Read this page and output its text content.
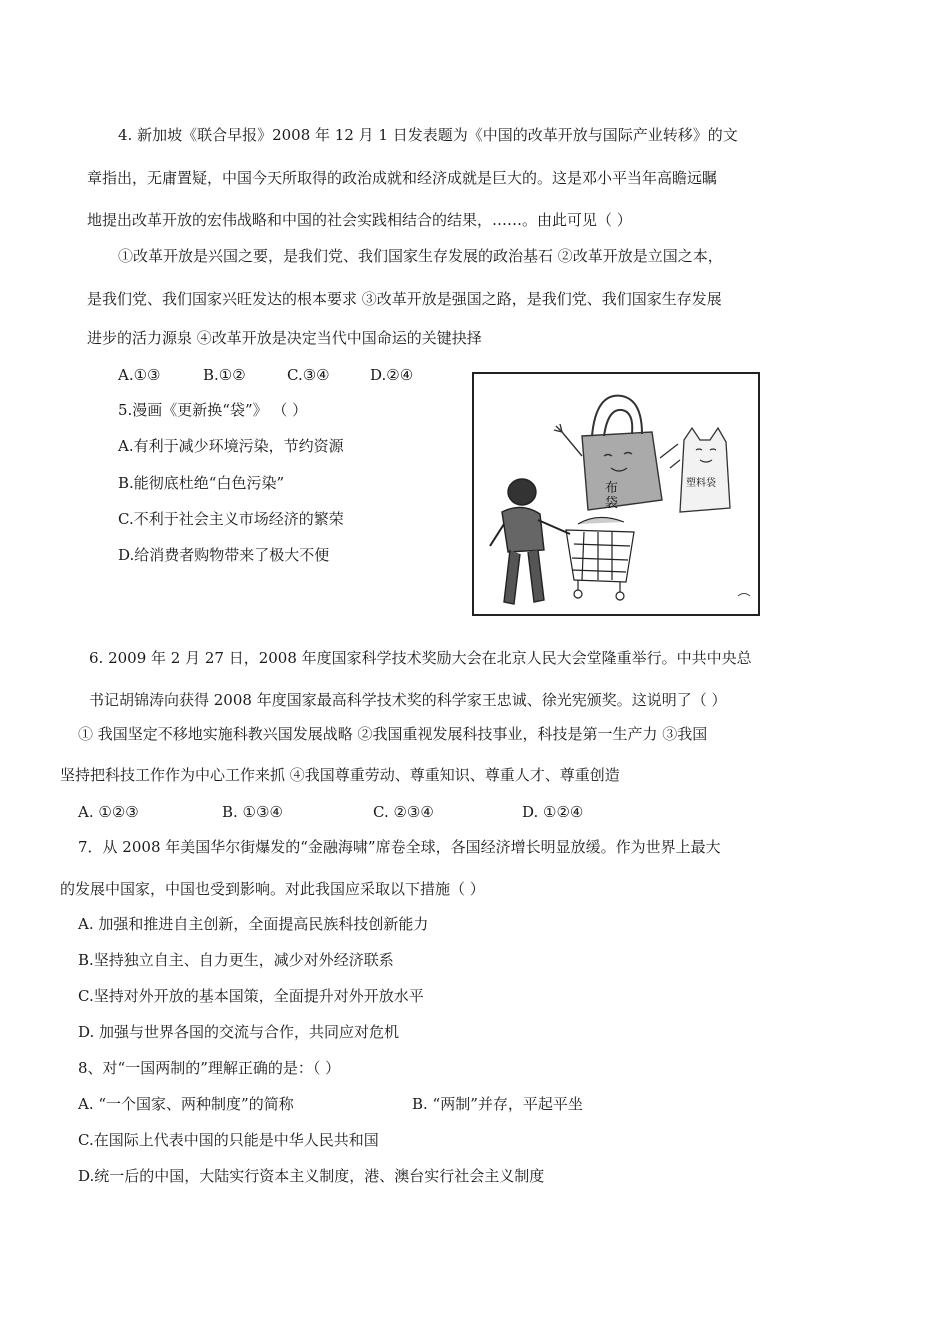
4. 新加坡《联合早报》2008 年 12 月 1 日发表题为《中国的改革开放与国际产业转移》的文
章指出，无庸置疑，中国今天所取得的政治成就和经济成就是巨大的。这是邓小平当年高瞻远瞩
地提出改革开放的宏伟战略和中国的社会实践相结合的结果，……。由此可见（ ）
①改革开放是兴国之要，是我们党、我们国家生存发展的政治基石 ②改革开放是立国之本，
是我们党、我们国家兴旺发达的根本要求 ③改革开放是强国之路，是我们党、我们国家生存发展
进步的活力源泉 ④改革开放是决定当代中国命运的关键抉择
A.①③	B.①②	C.③④	D.②④
5.漫画《更新换“袋”》 （ ）
A.有利于减少环境污染，节约资源
B.能彻底杜绝“白色污染”
C.不利于社会主义市场经济的繁荣
D.给消费者购物带来了极大不便
布
袋
塑料袋
6. 2009 年 2 月 27 日，2008 年度国家科学技术奖励大会在北京人民大会堂隆重举行。中共中央总
书记胡锦涛向获得 2008 年度国家最高科学技术奖的科学家王忠诚、徐光宪颁奖。这说明了（ ）
① 我国坚定不移地实施科教兴国发展战略 ②我国重视发展科技事业，科技是第一生产力 ③我国
坚持把科技工作作为中心工作来抓 ④我国尊重劳动、尊重知识、尊重人才、尊重创造
A. ①②③	B. ①③④	C. ②③④	D. ①②④
7．从 2008 年美国华尔街爆发的“金融海啸”席卷全球，各国经济增长明显放缓。作为世界上最大
的发展中国家，中国也受到影响。对此我国应采取以下措施（ ）
A. 加强和推进自主创新，全面提高民族科技创新能力
B.坚持独立自主、自力更生，减少对外经济联系
C.坚持对外开放的基本国策，全面提升对外开放水平
D. 加强与世界各国的交流与合作，共同应对危机
8、对“一国两制的”理解正确的是：（ ）
A. “一个国家、两种制度”的简称	B. “两制”并存，平起平坐
C.在国际上代表中国的只能是中华人民共和国
D.统一后的中国，大陆实行资本主义制度，港、澳台实行社会主义制度
